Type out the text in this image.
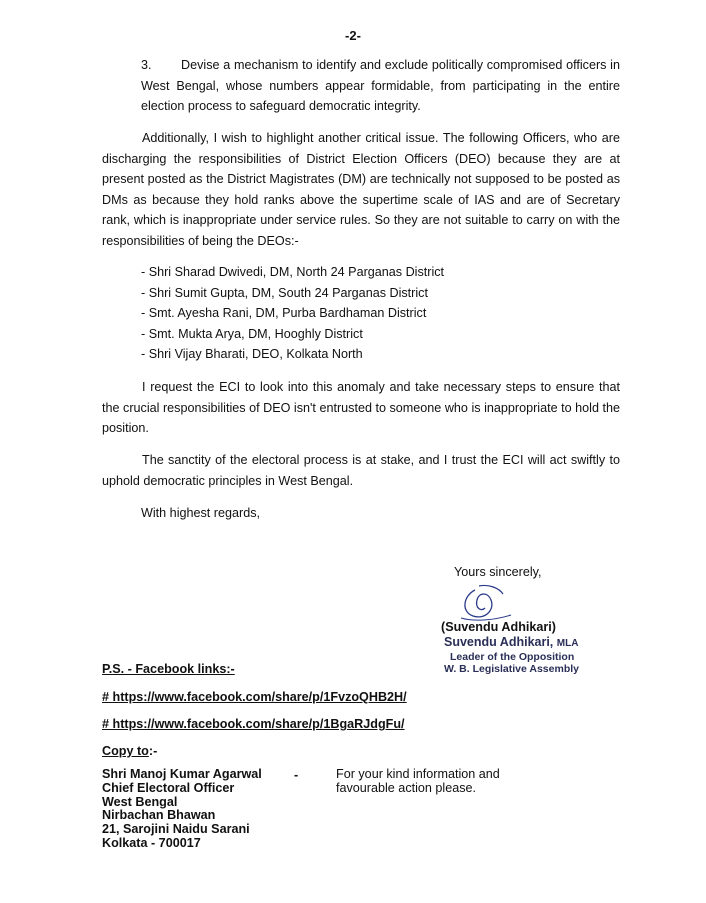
-2-

3. Devise a mechanism to identify and exclude politically compromised officers in West Bengal, whose numbers appear formidable, from participating in the entire election process to safeguard democratic integrity.

Additionally, I wish to highlight another critical issue. The following Officers, who are discharging the responsibilities of District Election Officers (DEO) because they are at present posted as the District Magistrates (DM) are technically not supposed to be posted as DMs as because they hold ranks above the supertime scale of IAS and are of Secretary rank, which is inappropriate under service rules. So they are not suitable to carry on with the responsibilities of being the DEOs:-

- Shri Sharad Dwivedi, DM, North 24 Parganas District
- Shri Sumit Gupta, DM, South 24 Parganas District
- Smt. Ayesha Rani, DM, Purba Bardhaman District
- Smt. Mukta Arya, DM, Hooghly District
- Shri Vijay Bharati, DEO, Kolkata North

I request the ECI to look into this anomaly and take necessary steps to ensure that the crucial responsibilities of DEO isn't entrusted to someone who is inappropriate to hold the position.

The sanctity of the electoral process is at stake, and I trust the ECI will act swiftly to uphold democratic principles in West Bengal.

With highest regards,

Yours sincerely,

(Suvendu Adhikari)

Suvendu Adhikari, MLA
Leader of the Opposition
W. B. Legislative Assembly

P.S. - Facebook links:-

# https://www.facebook.com/share/p/1FvzoQHB2H/
# https://www.facebook.com/share/p/1BgaRJdgFu/

Copy to:-

Shri Manoj Kumar Agarwal
Chief Electoral Officer
West Bengal
Nirbachan Bhawan
21, Sarojini Naidu Sarani
Kolkata - 700017
-	For your kind information and
favourable action please.
